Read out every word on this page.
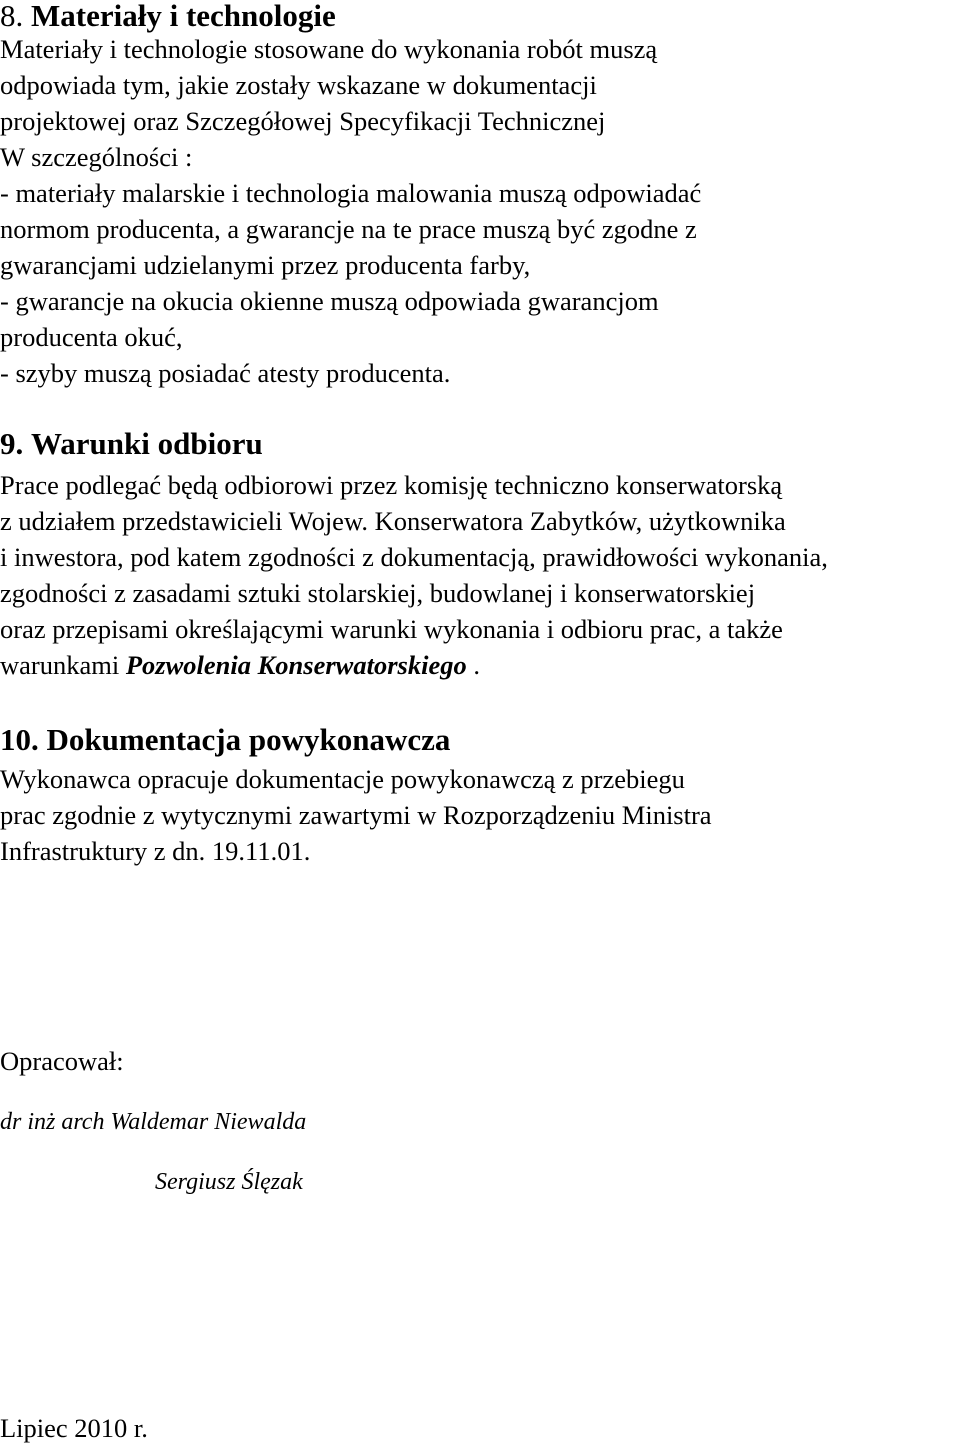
8. Materiały i technologie
Materiały i technologie stosowane do wykonania robót muszą
odpowiada tym, jakie zostały wskazane w dokumentacji
projektowej oraz Szczegółowej Specyfikacji Technicznej
W szczególności :
- materiały malarskie i technologia malowania muszą odpowiadać
normom producenta, a gwarancje na te prace muszą być zgodne z
gwarancjami udzielanymi przez producenta farby,
- gwarancje na okucia okienne muszą odpowiada gwarancjom
producenta okuć,
- szyby muszą posiadać atesty producenta.
9. Warunki odbioru
Prace podlegać będą odbiorowi przez komisję techniczno konserwatorską
z udziałem przedstawicieli Wojew. Konserwatora Zabytków, użytkownika
i inwestora, pod katem zgodności z dokumentacją, prawidłowości wykonania,
zgodności z zasadami sztuki stolarskiej, budowlanej i konserwatorskiej
oraz przepisami określającymi warunki wykonania i odbioru prac, a także
warunkami Pozwolenia Konserwatorskiego .
10. Dokumentacja powykonawcza
Wykonawca opracuje dokumentacje powykonawczą z przebiegu
prac zgodnie z wytycznymi zawartymi w Rozporządzeniu Ministra
Infrastruktury z dn. 19.11.01.
Opracował:
dr inż arch Waldemar Niewalda
Sergiusz Ślęzak
Lipiec 2010 r.
